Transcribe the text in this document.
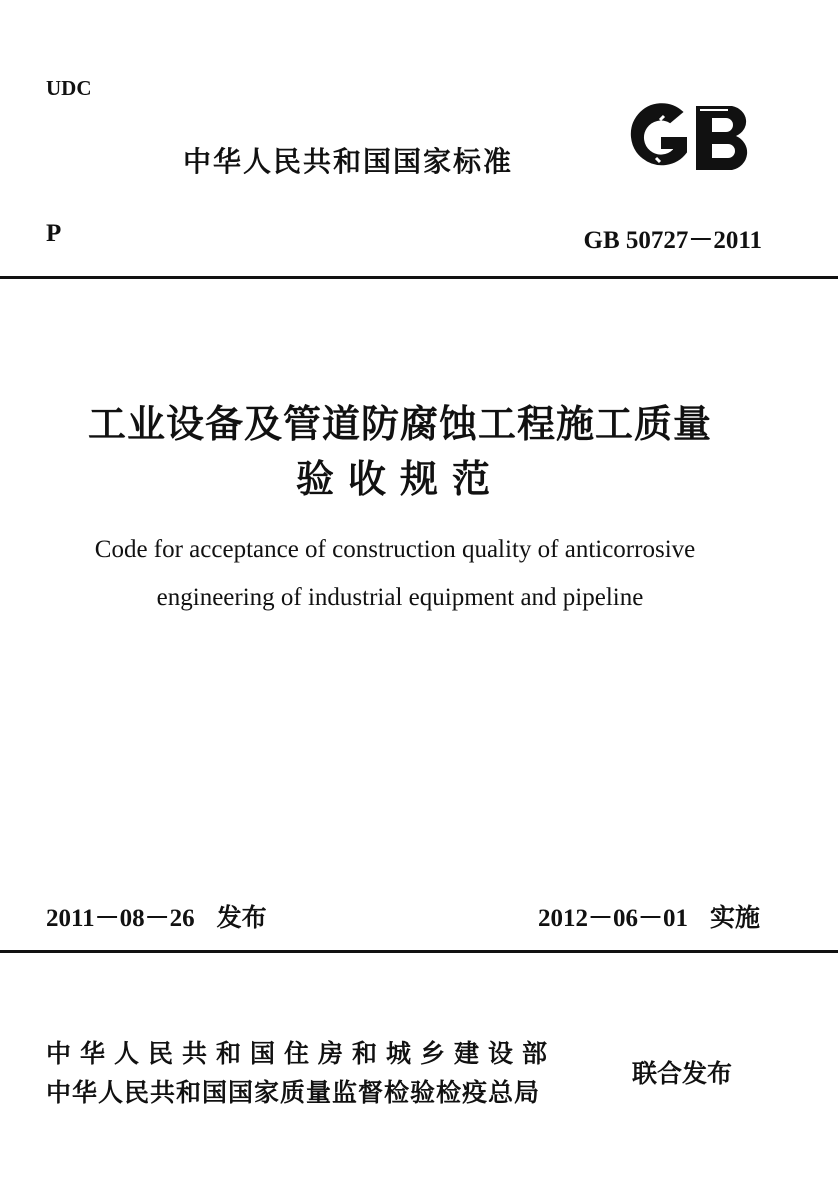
UDC
中华人民共和国国家标准
P	GB 50727－2011
工业设备及管道防腐蚀工程施工质量
验收规范
Code for acceptance of construction quality of anticorrosive
engineering of industrial equipment and pipeline
2011－08－26 发布	2012－06－01 实施
中华人民共和国住房和城乡建设部
中华人民共和国国家质量监督检验检疫总局
联合发布
